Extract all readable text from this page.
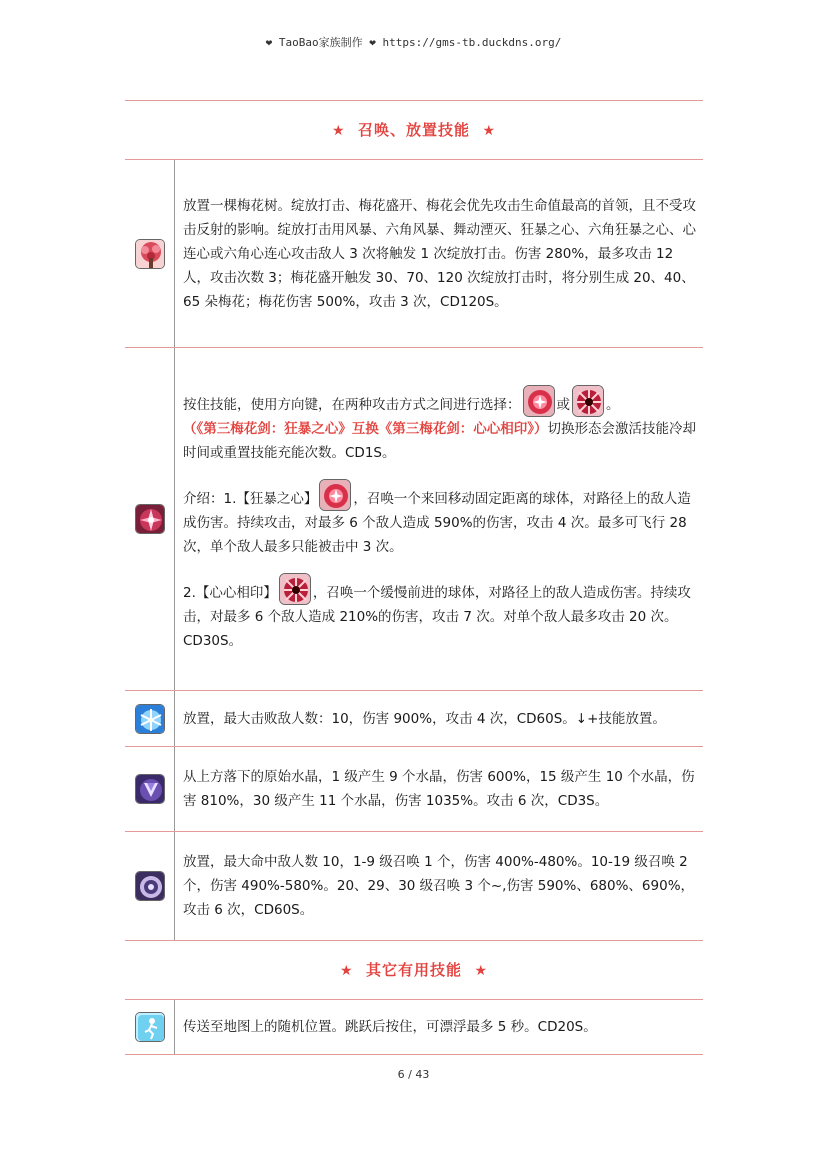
❤ TaoBao家族制作 ❤ https://gms-tb.duckdns.org/
★ 召唤、放置技能 ★

放置一棵梅花树。绽放打击、梅花盛开、梅花会优先攻击生命值最高的首领，且不受攻击反射的影响。绽放打击用风暴、六角风暴、舞动湮灭、狂暴之心、六角狂暴之心、心连心或六角心连心攻击敌人 3 次将触发 1 次绽放打击。伤害 280%，最多攻击 12 人，攻击次数 3；梅花盛开触发 30、70、120 次绽放打击时，将分别生成 20、40、65 朵梅花；梅花伤害 500%，攻击 3 次，CD120S。

按住技能，使用方向键，在两种攻击方式之间进行选择：	或	。

（《第三梅花剑：狂暴之心》互换《第三梅花剑：心心相印》）切换形态会激活技能冷却时间或重置技能充能次数。CD1S。

介绍：1.【狂暴之心】	，召唤一个来回移动固定距离的球体，对路径上的敌人造成伤害。持续攻击，对最多 6 个敌人造成 590%的伤害，攻击 4 次。最多可飞行 28 次，单个敌人最多只能被击中 3 次。

2.【心心相印】	，召唤一个缓慢前进的球体，对路径上的敌人造成伤害。持续攻击，对最多 6 个敌人造成 210%的伤害，攻击 7 次。对单个敌人最多攻击 20 次。CD30S。

放置，最大击败敌人数：10，伤害 900%，攻击 4 次，CD60S。↓+技能放置。

从上方落下的原始水晶，1 级产生 9 个水晶，伤害 600%，15 级产生 10 个水晶，伤害 810%，30 级产生 11 个水晶，伤害 1035%。攻击 6 次，CD3S。

放置，最大命中敌人数 10，1-9 级召唤 1 个，伤害 400%-480%。10-19 级召唤 2 个，伤害 490%-580%。20、29、30 级召唤 3 个~,伤害 590%、680%、690%，攻击 6 次，CD60S。

★ 其它有用技能 ★

传送至地图上的随机位置。跳跃后按住，可漂浮最多 5 秒。CD20S。

6 / 43
